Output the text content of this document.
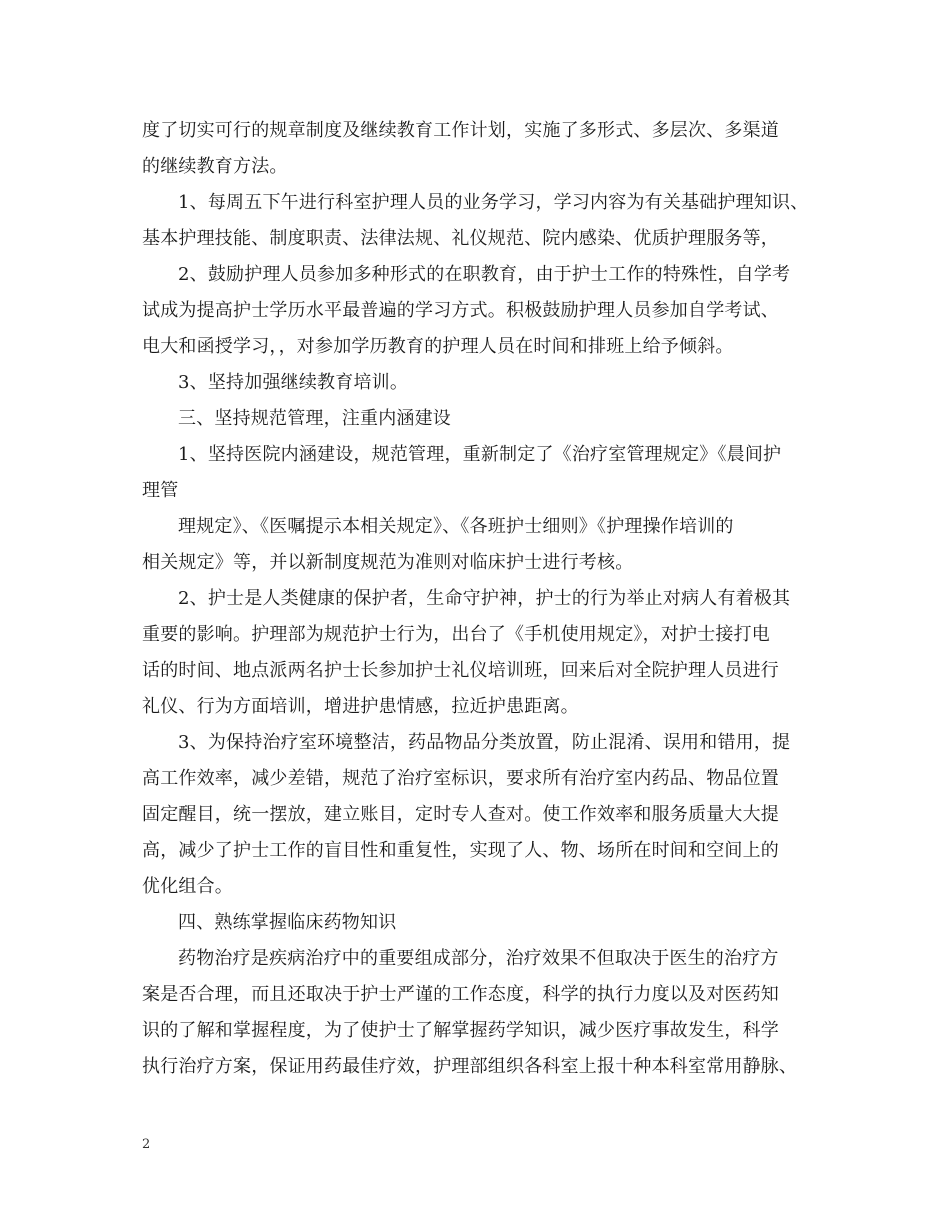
度了切实可行的规章制度及继续教育工作计划，实施了多形式、多层次、多渠道
的继续教育方法。
1、每周五下午进行科室护理人员的业务学习，学习内容为有关基础护理知识、
基本护理技能、制度职责、法律法规、礼仪规范、院内感染、优质护理服务等，
2、鼓励护理人员参加多种形式的在职教育，由于护士工作的特殊性，自学考
试成为提高护士学历水平最普遍的学习方式。积极鼓励护理人员参加自学考试、
电大和函授学习，，对参加学历教育的护理人员在时间和排班上给予倾斜。
3、坚持加强继续教育培训。
三、坚持规范管理，注重内涵建设
1、坚持医院内涵建设，规范管理，重新制定了《治疗室管理规定》《晨间护
理管
理规定》、《医嘱提示本相关规定》、《各班护士细则》《护理操作培训的
相关规定》等，并以新制度规范为准则对临床护士进行考核。
2、护士是人类健康的保护者，生命守护神，护士的行为举止对病人有着极其
重要的影响。护理部为规范护士行为，出台了《手机使用规定》，对护士接打电
话的时间、地点派两名护士长参加护士礼仪培训班，回来后对全院护理人员进行
礼仪、行为方面培训，增进护患情感，拉近护患距离。
3、为保持治疗室环境整洁，药品物品分类放置，防止混淆、误用和错用，提
高工作效率，减少差错，规范了治疗室标识，要求所有治疗室内药品、物品位置
固定醒目，统一摆放，建立账目，定时专人查对。使工作效率和服务质量大大提
高，减少了护士工作的盲目性和重复性，实现了人、物、场所在时间和空间上的
优化组合。
四、熟练掌握临床药物知识
药物治疗是疾病治疗中的重要组成部分，治疗效果不但取决于医生的治疗方
案是否合理，而且还取决于护士严谨的工作态度，科学的执行力度以及对医药知
识的了解和掌握程度，为了使护士了解掌握药学知识，减少医疗事故发生，科学
执行治疗方案，保证用药最佳疗效，护理部组织各科室上报十种本科室常用静脉、
2
